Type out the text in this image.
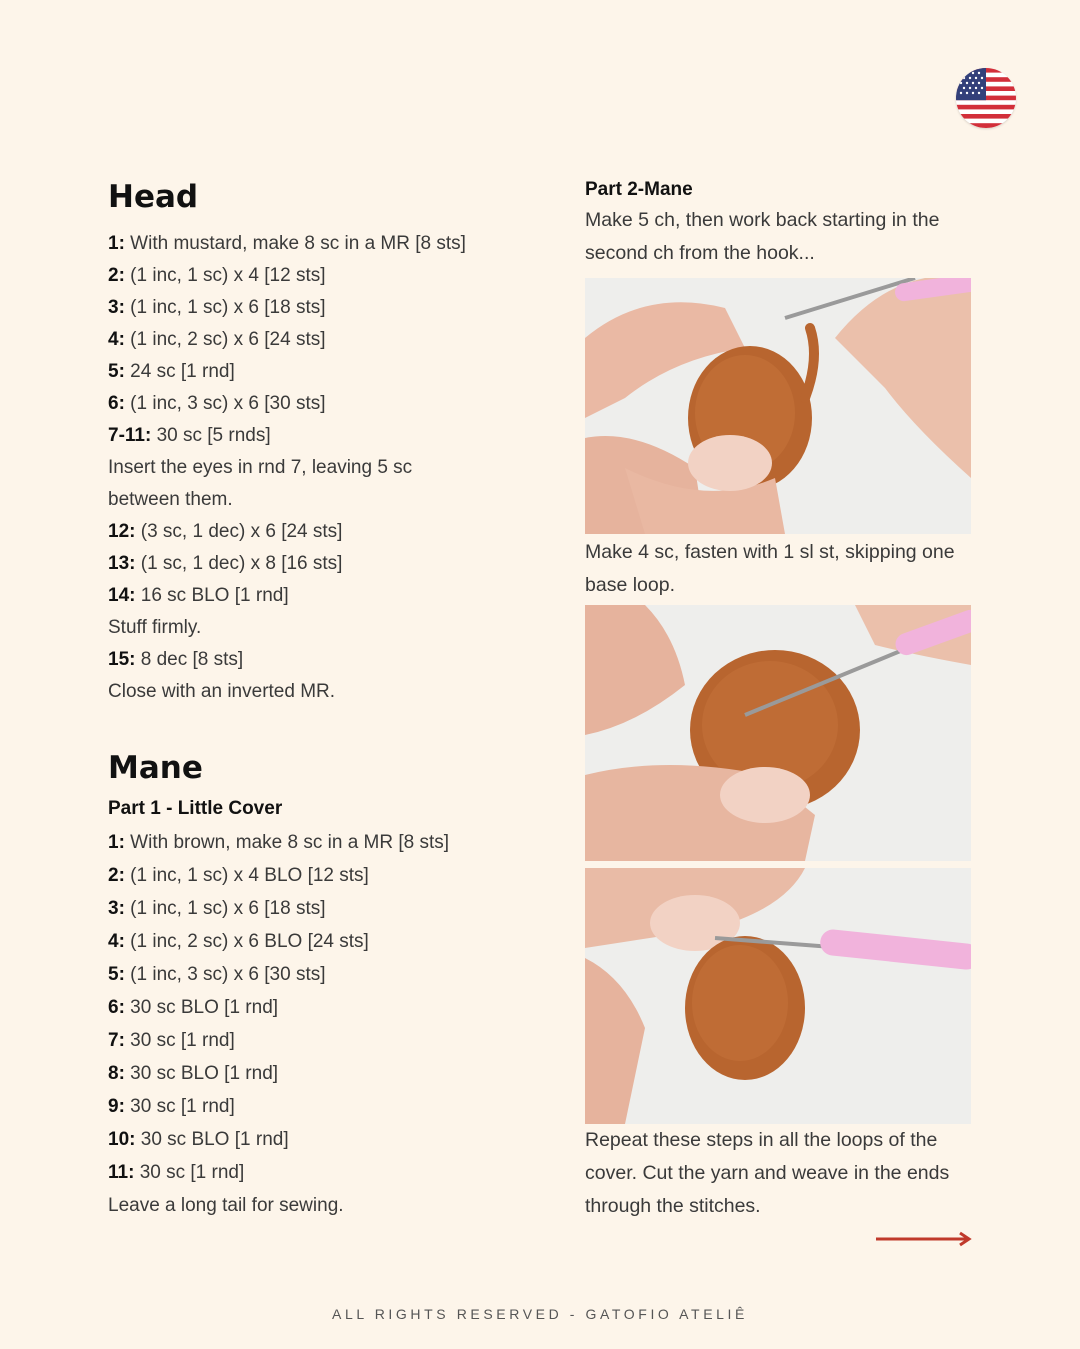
Head
1: With mustard, make 8 sc in a MR [8 sts]
2: (1 inc, 1 sc) x 4 [12 sts]
3: (1 inc, 1 sc) x 6 [18 sts]
4: (1 inc, 2 sc) x 6 [24 sts]
5: 24 sc [1 rnd]
6: (1 inc, 3 sc) x 6 [30 sts]
7-11: 30 sc [5 rnds]
Insert the eyes in rnd 7, leaving 5 sc
between them.
12: (3 sc, 1 dec) x 6 [24 sts]
13: (1 sc, 1 dec) x 8 [16 sts]
14: 16 sc BLO [1 rnd]
Stuff firmly.
15: 8 dec [8 sts]
Close with an inverted MR.
Mane
Part 1 - Little Cover
1: With brown, make 8 sc in a MR [8 sts]
2: (1 inc, 1 sc) x 4 BLO [12 sts]
3: (1 inc, 1 sc) x 6 [18 sts]
4: (1 inc, 2 sc) x 6 BLO [24 sts]
5: (1 inc, 3 sc) x 6 [30 sts]
6: 30 sc BLO [1 rnd]
7: 30 sc [1 rnd]
8: 30 sc BLO [1 rnd]
9: 30 sc [1 rnd]
10: 30 sc BLO [1 rnd]
11: 30 sc [1 rnd]
Leave a long tail for sewing.
Part 2-Mane
Make 5 ch, then work back starting in the second ch from the hook...
Make 4 sc, fasten with 1 sl st, skipping one base loop.
Repeat these steps in all the loops of the cover. Cut the yarn and weave in the ends through the stitches.
ALL RIGHTS RESERVED - GATOFIO ATELIÊ
